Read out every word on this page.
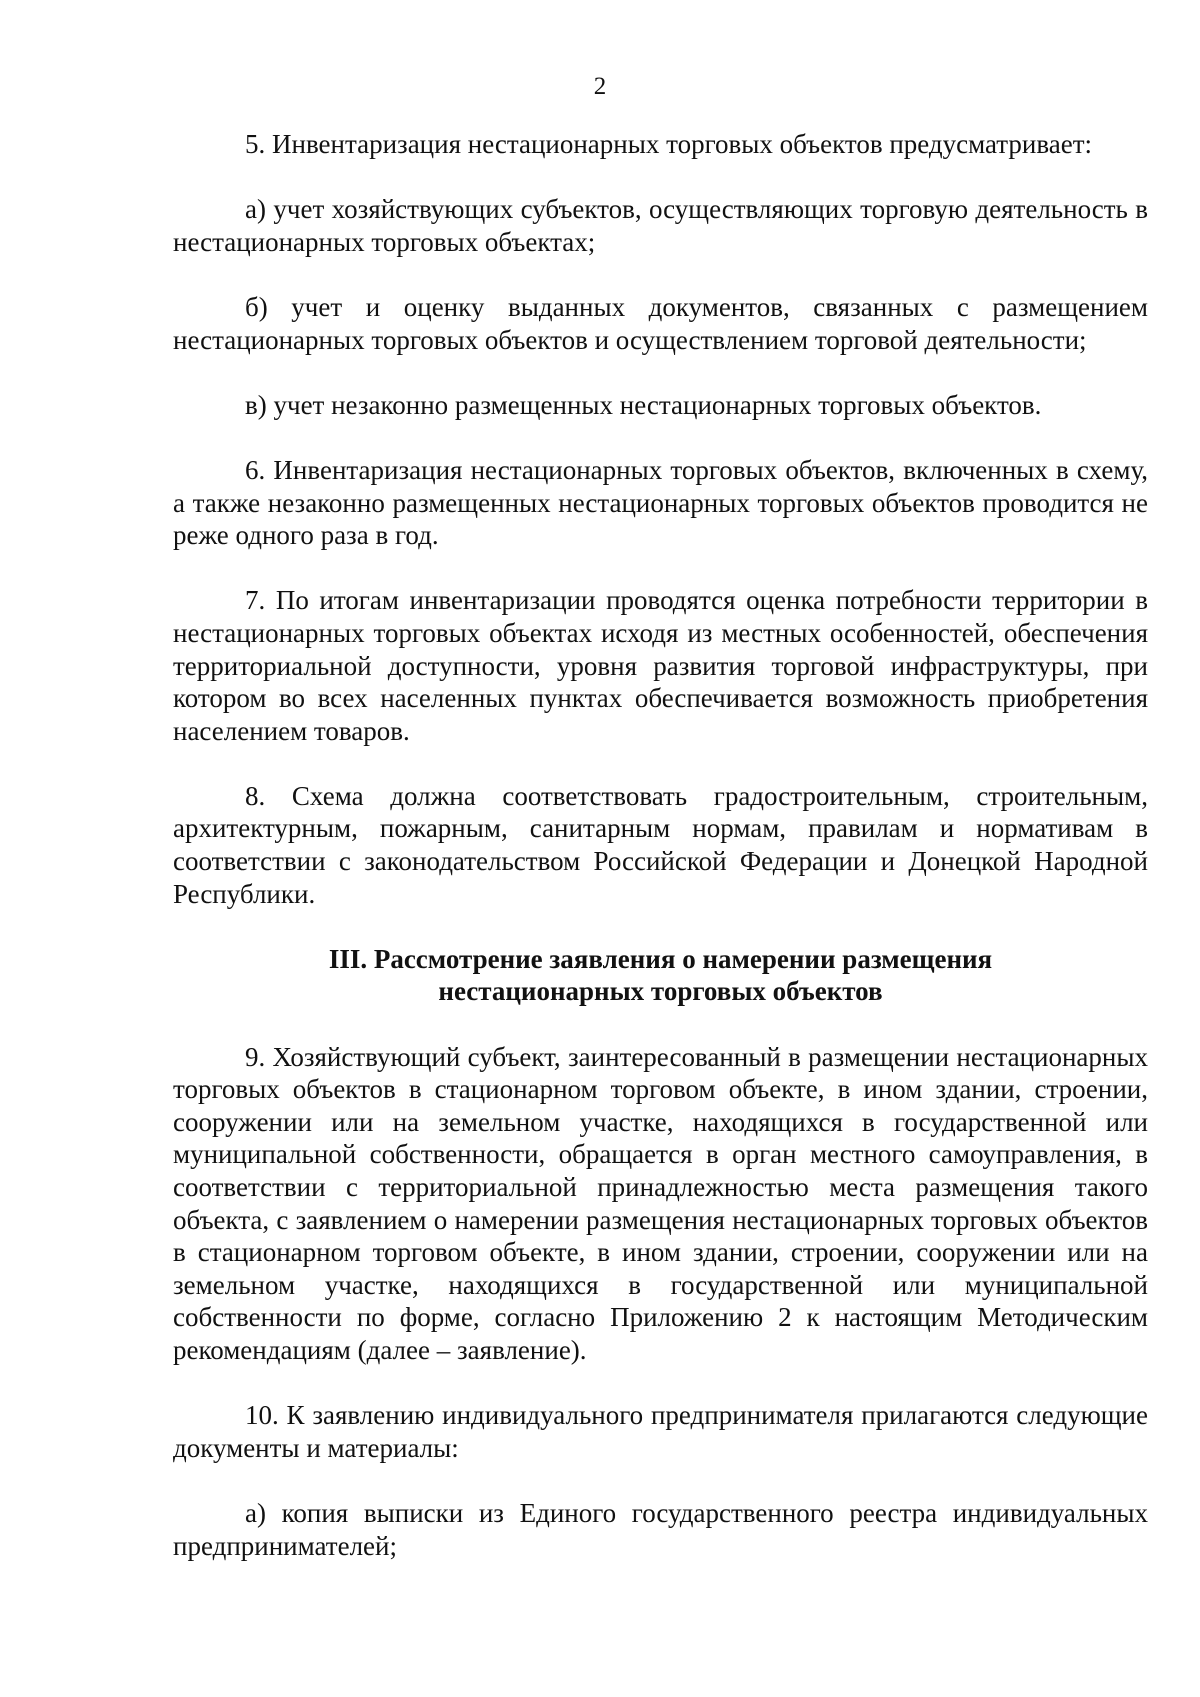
2

5. Инвентаризация нестационарных торговых объектов предусматривает:

а) учет хозяйствующих субъектов, осуществляющих торговую деятельность в нестационарных торговых объектах;

б) учет и оценку выданных документов, связанных с размещением нестационарных торговых объектов и осуществлением торговой деятельности;

в) учет незаконно размещенных нестационарных торговых объектов.

6. Инвентаризация нестационарных торговых объектов, включенных в схему, а также незаконно размещенных нестационарных торговых объектов проводится не реже одного раза в год.

7. По итогам инвентаризации проводятся оценка потребности территории в нестационарных торговых объектах исходя из местных особенностей, обеспечения территориальной доступности, уровня развития торговой инфраструктуры, при котором во всех населенных пунктах обеспечивается возможность приобретения населением товаров.

8. Схема должна соответствовать градостроительным, строительным, архитектурным, пожарным, санитарным нормам, правилам и нормативам в соответствии с законодательством Российской Федерации и Донецкой Народной Республики.

III. Рассмотрение заявления о намерении размещения
нестационарных торговых объектов

9. Хозяйствующий субъект, заинтересованный в размещении нестационарных торговых объектов в стационарном торговом объекте, в ином здании, строении, сооружении или на земельном участке, находящихся в государственной или муниципальной собственности, обращается в орган местного самоуправления, в соответствии с территориальной принадлежностью места размещения такого объекта, с заявлением о намерении размещения нестационарных торговых объектов в стационарном торговом объекте, в ином здании, строении, сооружении или на земельном участке, находящихся в государственной или муниципальной собственности по форме, согласно Приложению 2 к настоящим Методическим рекомендациям (далее – заявление).

10. К заявлению индивидуального предпринимателя прилагаются следующие документы и материалы:

а) копия выписки из Единого государственного реестра индивидуальных предпринимателей;
